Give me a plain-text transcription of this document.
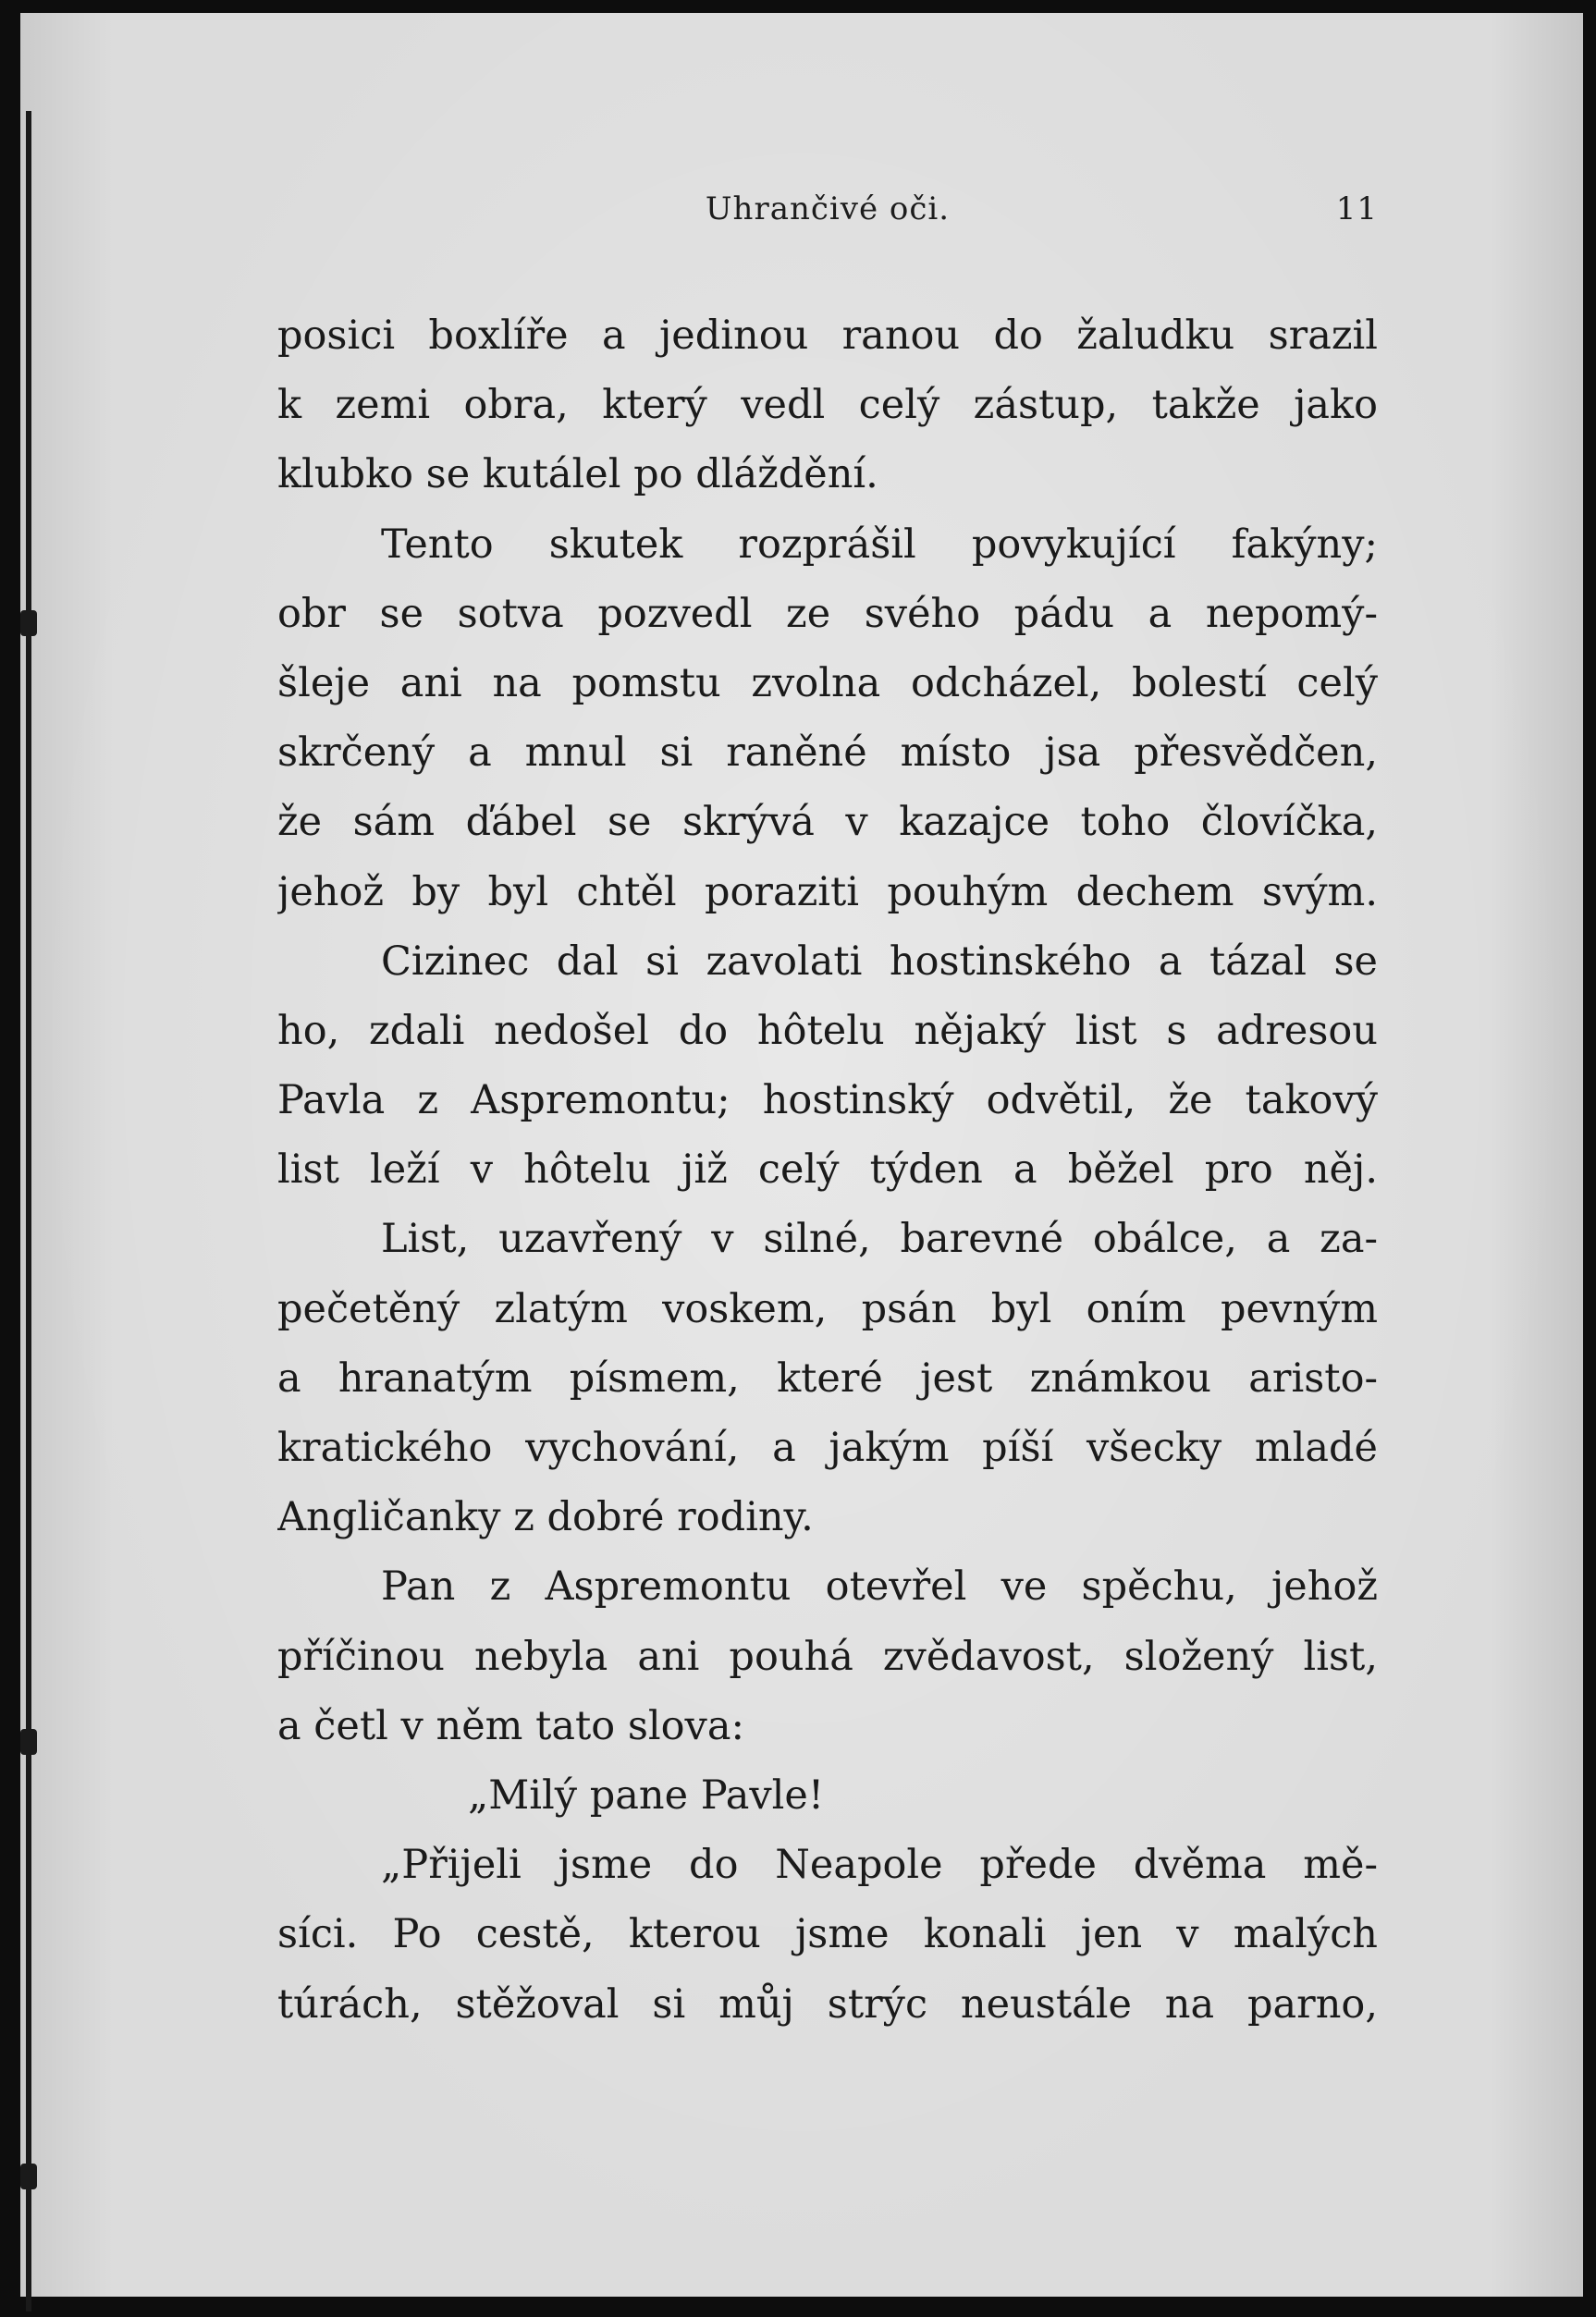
Uhrančivé oči.	11
posici boxlíře a jedinou ranou do žaludku srazil
k zemi obra, který vedl celý zástup, takže jako
klubko se kutálel po dláždění.
Tento skutek rozprášil povykující fakýny;
obr se sotva pozvedl ze svého pádu a nepomý-
šleje ani na pomstu zvolna odcházel, bolestí celý
skrčený a mnul si raněné místo jsa přesvědčen,
že sám ďábel se skrývá v kazajce toho človíčka,
jehož by byl chtěl poraziti pouhým dechem svým.
Cizinec dal si zavolati hostinského a tázal se
ho, zdali nedošel do hôtelu nějaký list s adresou
Pavla z Aspremontu; hostinský odvětil, že takový
list leží v hôtelu již celý týden a běžel pro něj.
List, uzavřený v silné, barevné obálce, a za-
pečetěný zlatým voskem, psán byl oním pevným
a hranatým písmem, které jest známkou aristo-
kratického vychování, a jakým píší všecky mladé
Angličanky z dobré rodiny.
Pan z Aspremontu otevřel ve spěchu, jehož
příčinou nebyla ani pouhá zvědavost, složený list,
a četl v něm tato slova:
„Milý pane Pavle!
„Přijeli jsme do Neapole přede dvěma mě-
síci. Po cestě, kterou jsme konali jen v malých
túrách, stěžoval si můj strýc neustále na parno,
